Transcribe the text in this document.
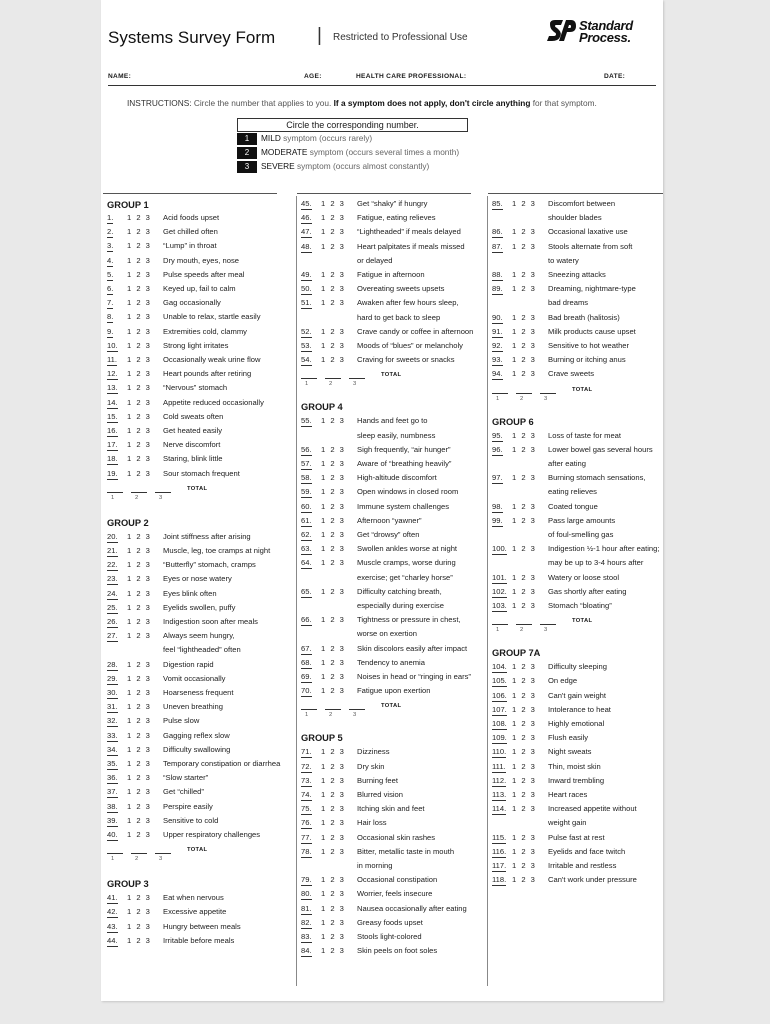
Systems Survey Form | Restricted to Professional Use
Standard
Process.
NAME:	AGE:	HEALTH CARE PROFESSIONAL:	DATE:
INSTRUCTIONS: Circle the number that applies to you. If a symptom does not apply, don't circle anything for that symptom.
Circle the corresponding number.
1	MILD symptom (occurs rarely)
2	MODERATE symptom (occurs several times a month)
3	SEVERE symptom (occurs almost constantly)
GROUP 1
1. 1 2 3 Acid foods upset
2. 1 2 3 Get chilled often
3. 1 2 3 “Lump” in throat
4. 1 2 3 Dry mouth, eyes, nose
5. 1 2 3 Pulse speeds after meal
6. 1 2 3 Keyed up, fail to calm
7. 1 2 3 Gag occasionally
8. 1 2 3 Unable to relax, startle easily
9. 1 2 3 Extremities cold, clammy
10. 1 2 3 Strong light irritates
11. 1 2 3 Occasionally weak urine flow
12. 1 2 3 Heart pounds after retiring
13. 1 2 3 “Nervous” stomach
14. 1 2 3 Appetite reduced occasionally
15. 1 2 3 Cold sweats often
16. 1 2 3 Get heated easily
17. 1 2 3 Nerve discomfort
18. 1 2 3 Staring, blink little
19. 1 2 3 Sour stomach frequent
1	2	3
TOTAL
GROUP 2
20. 1 2 3 Joint stiffness after arising
21. 1 2 3 Muscle, leg, toe cramps at night
22. 1 2 3 “Butterfly” stomach, cramps
23. 1 2 3 Eyes or nose watery
24. 1 2 3 Eyes blink often
25. 1 2 3 Eyelids swollen, puffy
26. 1 2 3 Indigestion soon after meals
27. 1 2 3 Always seem hungry,
feel “lightheaded” often
28. 1 2 3 Digestion rapid
29. 1 2 3 Vomit occasionally
30. 1 2 3 Hoarseness frequent
31. 1 2 3 Uneven breathing
32. 1 2 3 Pulse slow
33. 1 2 3 Gagging reflex slow
34. 1 2 3 Difficulty swallowing
35. 1 2 3 Temporary constipation or diarrhea
36. 1 2 3 “Slow starter”
37. 1 2 3 Get “chilled”
38. 1 2 3 Perspire easily
39. 1 2 3 Sensitive to cold
40. 1 2 3 Upper respiratory challenges
1	2	3
TOTAL
GROUP 3
41. 1 2 3 Eat when nervous
42. 1 2 3 Excessive appetite
43. 1 2 3 Hungry between meals
44. 1 2 3 Irritable before meals
45. 1 2 3 Get “shaky” if hungry
46. 1 2 3 Fatigue, eating relieves
47. 1 2 3 “Lightheaded” if meals delayed
48. 1 2 3 Heart palpitates if meals missed
or delayed
49. 1 2 3 Fatigue in afternoon
50. 1 2 3 Overeating sweets upsets
51. 1 2 3 Awaken after few hours sleep,
hard to get back to sleep
52. 1 2 3 Crave candy or coffee in afternoon
53. 1 2 3 Moods of “blues” or melancholy
54. 1 2 3 Craving for sweets or snacks
1	2	3
TOTAL
GROUP 4
55. 1 2 3 Hands and feet go to
sleep easily, numbness
56. 1 2 3 Sigh frequently, “air hunger”
57. 1 2 3 Aware of “breathing heavily”
58. 1 2 3 High-altitude discomfort
59. 1 2 3 Open windows in closed room
60. 1 2 3 Immune system challenges
61. 1 2 3 Afternoon “yawner”
62. 1 2 3 Get “drowsy” often
63. 1 2 3 Swollen ankles worse at night
64. 1 2 3 Muscle cramps, worse during
exercise; get “charley horse”
65. 1 2 3 Difficulty catching breath,
especially during exercise
66. 1 2 3 Tightness or pressure in chest,
worse on exertion
67. 1 2 3 Skin discolors easily after impact
68. 1 2 3 Tendency to anemia
69. 1 2 3 Noises in head or “ringing in ears”
70. 1 2 3 Fatigue upon exertion
1	2	3
TOTAL
GROUP 5
71. 1 2 3 Dizziness
72. 1 2 3 Dry skin
73. 1 2 3 Burning feet
74. 1 2 3 Blurred vision
75. 1 2 3 Itching skin and feet
76. 1 2 3 Hair loss
77. 1 2 3 Occasional skin rashes
78. 1 2 3 Bitter, metallic taste in mouth
in morning
79. 1 2 3 Occasional constipation
80. 1 2 3 Worrier, feels insecure
81. 1 2 3 Nausea occasionally after eating
82. 1 2 3 Greasy foods upset
83. 1 2 3 Stools light-colored
84. 1 2 3 Skin peels on foot soles
85. 1 2 3 Discomfort between
shoulder blades
86. 1 2 3 Occasional laxative use
87. 1 2 3 Stools alternate from soft
to watery
88. 1 2 3 Sneezing attacks
89. 1 2 3 Dreaming, nightmare-type
bad dreams
90. 1 2 3 Bad breath (halitosis)
91. 1 2 3 Milk products cause upset
92. 1 2 3 Sensitive to hot weather
93. 1 2 3 Burning or itching anus
94. 1 2 3 Crave sweets
1	2	3
TOTAL
GROUP 6
95. 1 2 3 Loss of taste for meat
96. 1 2 3 Lower bowel gas several hours
after eating
97. 1 2 3 Burning stomach sensations,
eating relieves
98. 1 2 3 Coated tongue
99. 1 2 3 Pass large amounts
of foul-smelling gas
100. 1 2 3 Indigestion ½-1 hour after eating;
may be up to 3-4 hours after
101. 1 2 3 Watery or loose stool
102. 1 2 3 Gas shortly after eating
103. 1 2 3 Stomach “bloating”
1	2	3
TOTAL
GROUP 7A
104. 1 2 3 Difficulty sleeping
105. 1 2 3 On edge
106. 1 2 3 Can't gain weight
107. 1 2 3 Intolerance to heat
108. 1 2 3 Highly emotional
109. 1 2 3 Flush easily
110. 1 2 3 Night sweats
111. 1 2 3 Thin, moist skin
112. 1 2 3 Inward trembling
113. 1 2 3 Heart races
114. 1 2 3 Increased appetite without
weight gain
115. 1 2 3 Pulse fast at rest
116. 1 2 3 Eyelids and face twitch
117. 1 2 3 Irritable and restless
118. 1 2 3 Can't work under pressure
